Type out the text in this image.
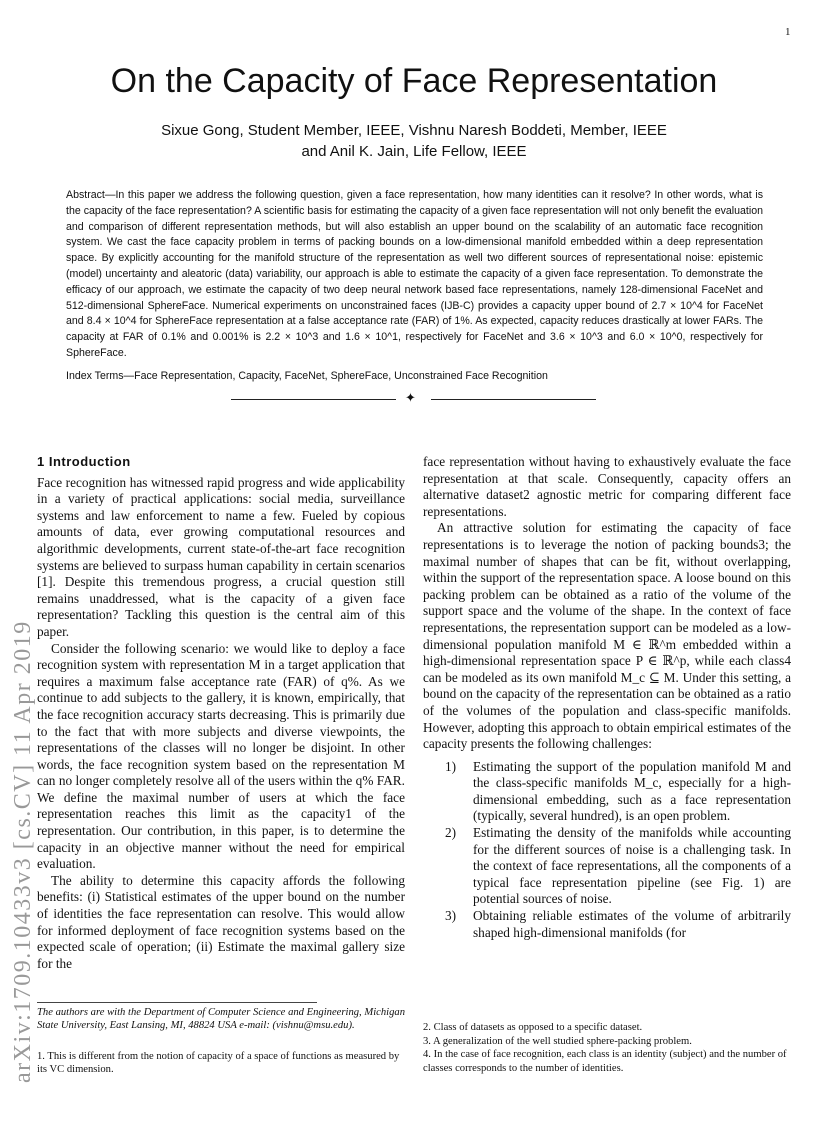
1
arXiv:1709.10433v3 [cs.CV] 11 Apr 2019
On the Capacity of Face Representation
Sixue Gong, Student Member, IEEE, Vishnu Naresh Boddeti, Member, IEEE
and Anil K. Jain, Life Fellow, IEEE
Abstract—In this paper we address the following question, given a face representation, how many identities can it resolve? In other words, what is the capacity of the face representation? A scientific basis for estimating the capacity of a given face representation will not only benefit the evaluation and comparison of different representation methods, but will also establish an upper bound on the scalability of an automatic face recognition system. We cast the face capacity problem in terms of packing bounds on a low-dimensional manifold embedded within a deep representation space. By explicitly accounting for the manifold structure of the representation as well two different sources of representational noise: epistemic (model) uncertainty and aleatoric (data) variability, our approach is able to estimate the capacity of a given face representation. To demonstrate the efficacy of our approach, we estimate the capacity of two deep neural network based face representations, namely 128-dimensional FaceNet and 512-dimensional SphereFace. Numerical experiments on unconstrained faces (IJB-C) provides a capacity upper bound of 2.7 × 10^4 for FaceNet and 8.4 × 10^4 for SphereFace representation at a false acceptance rate (FAR) of 1%. As expected, capacity reduces drastically at lower FARs. The capacity at FAR of 0.1% and 0.001% is 2.2 × 10^3 and 1.6 × 10^1, respectively for FaceNet and 3.6 × 10^3 and 6.0 × 10^0, respectively for SphereFace.
Index Terms—Face Representation, Capacity, FaceNet, SphereFace, Unconstrained Face Recognition
✦
1 Introduction

Face recognition has witnessed rapid progress and wide applicability in a variety of practical applications: social media, surveillance systems and law enforcement to name a few. Fueled by copious amounts of data, ever growing computational resources and algorithmic developments, current state-of-the-art face recognition systems are believed to surpass human capability in certain scenarios [1]. Despite this tremendous progress, a crucial question still remains unaddressed, what is the capacity of a given face representation? Tackling this question is the central aim of this paper.

Consider the following scenario: we would like to deploy a face recognition system with representation M in a target application that requires a maximum false acceptance rate (FAR) of q%. As we continue to add subjects to the gallery, it is known, empirically, that the face recognition accuracy starts decreasing. This is primarily due to the fact that with more subjects and diverse viewpoints, the representations of the classes will no longer be disjoint. In other words, the face recognition system based on the representation M can no longer completely resolve all of the users within the q% FAR. We define the maximal number of users at which the face representation reaches this limit as the capacity1 of the representation. Our contribution, in this paper, is to determine the capacity in an objective manner without the need for empirical evaluation.

The ability to determine this capacity affords the following benefits: (i) Statistical estimates of the upper bound on the number of identities the face representation can resolve. This would allow for informed deployment of face recognition systems based on the expected scale of operation; (ii) Estimate the maximal gallery size for the

face representation without having to exhaustively evaluate the face representation at that scale. Consequently, capacity offers an alternative dataset2 agnostic metric for comparing different face representations.

An attractive solution for estimating the capacity of face representations is to leverage the notion of packing bounds3; the maximal number of shapes that can be fit, without overlapping, within the support of the representation space. A loose bound on this packing problem can be obtained as a ratio of the volume of the support space and the volume of the shape. In the context of face representations, the representation support can be modeled as a low-dimensional population manifold M ∈ ℝ^m embedded within a high-dimensional representation space P ∈ ℝ^p, while each class4 can be modeled as its own manifold M_c ⊆ M. Under this setting, a bound on the capacity of the representation can be obtained as a ratio of the volumes of the population and class-specific manifolds. However, adopting this approach to obtain empirical estimates of the capacity presents the following challenges:

1) Estimating the support of the population manifold M and the class-specific manifolds M_c, especially for a high-dimensional embedding, such as a face representation (typically, several hundred), is an open problem.
2) Estimating the density of the manifolds while accounting for the different sources of noise is a challenging task. In the context of face representations, all the components of a typical face representation pipeline (see Fig. 1) are potential sources of noise.
3) Obtaining reliable estimates of the volume of arbitrarily shaped high-dimensional manifolds (for
The authors are with the Department of Computer Science and Engineering, Michigan State University, East Lansing, MI, 48824 USA e-mail: (vishnu@msu.edu).
1. This is different from the notion of capacity of a space of functions as measured by its VC dimension.
2. Class of datasets as opposed to a specific dataset.
3. A generalization of the well studied sphere-packing problem.
4. In the case of face recognition, each class is an identity (subject) and the number of classes corresponds to the number of identities.
